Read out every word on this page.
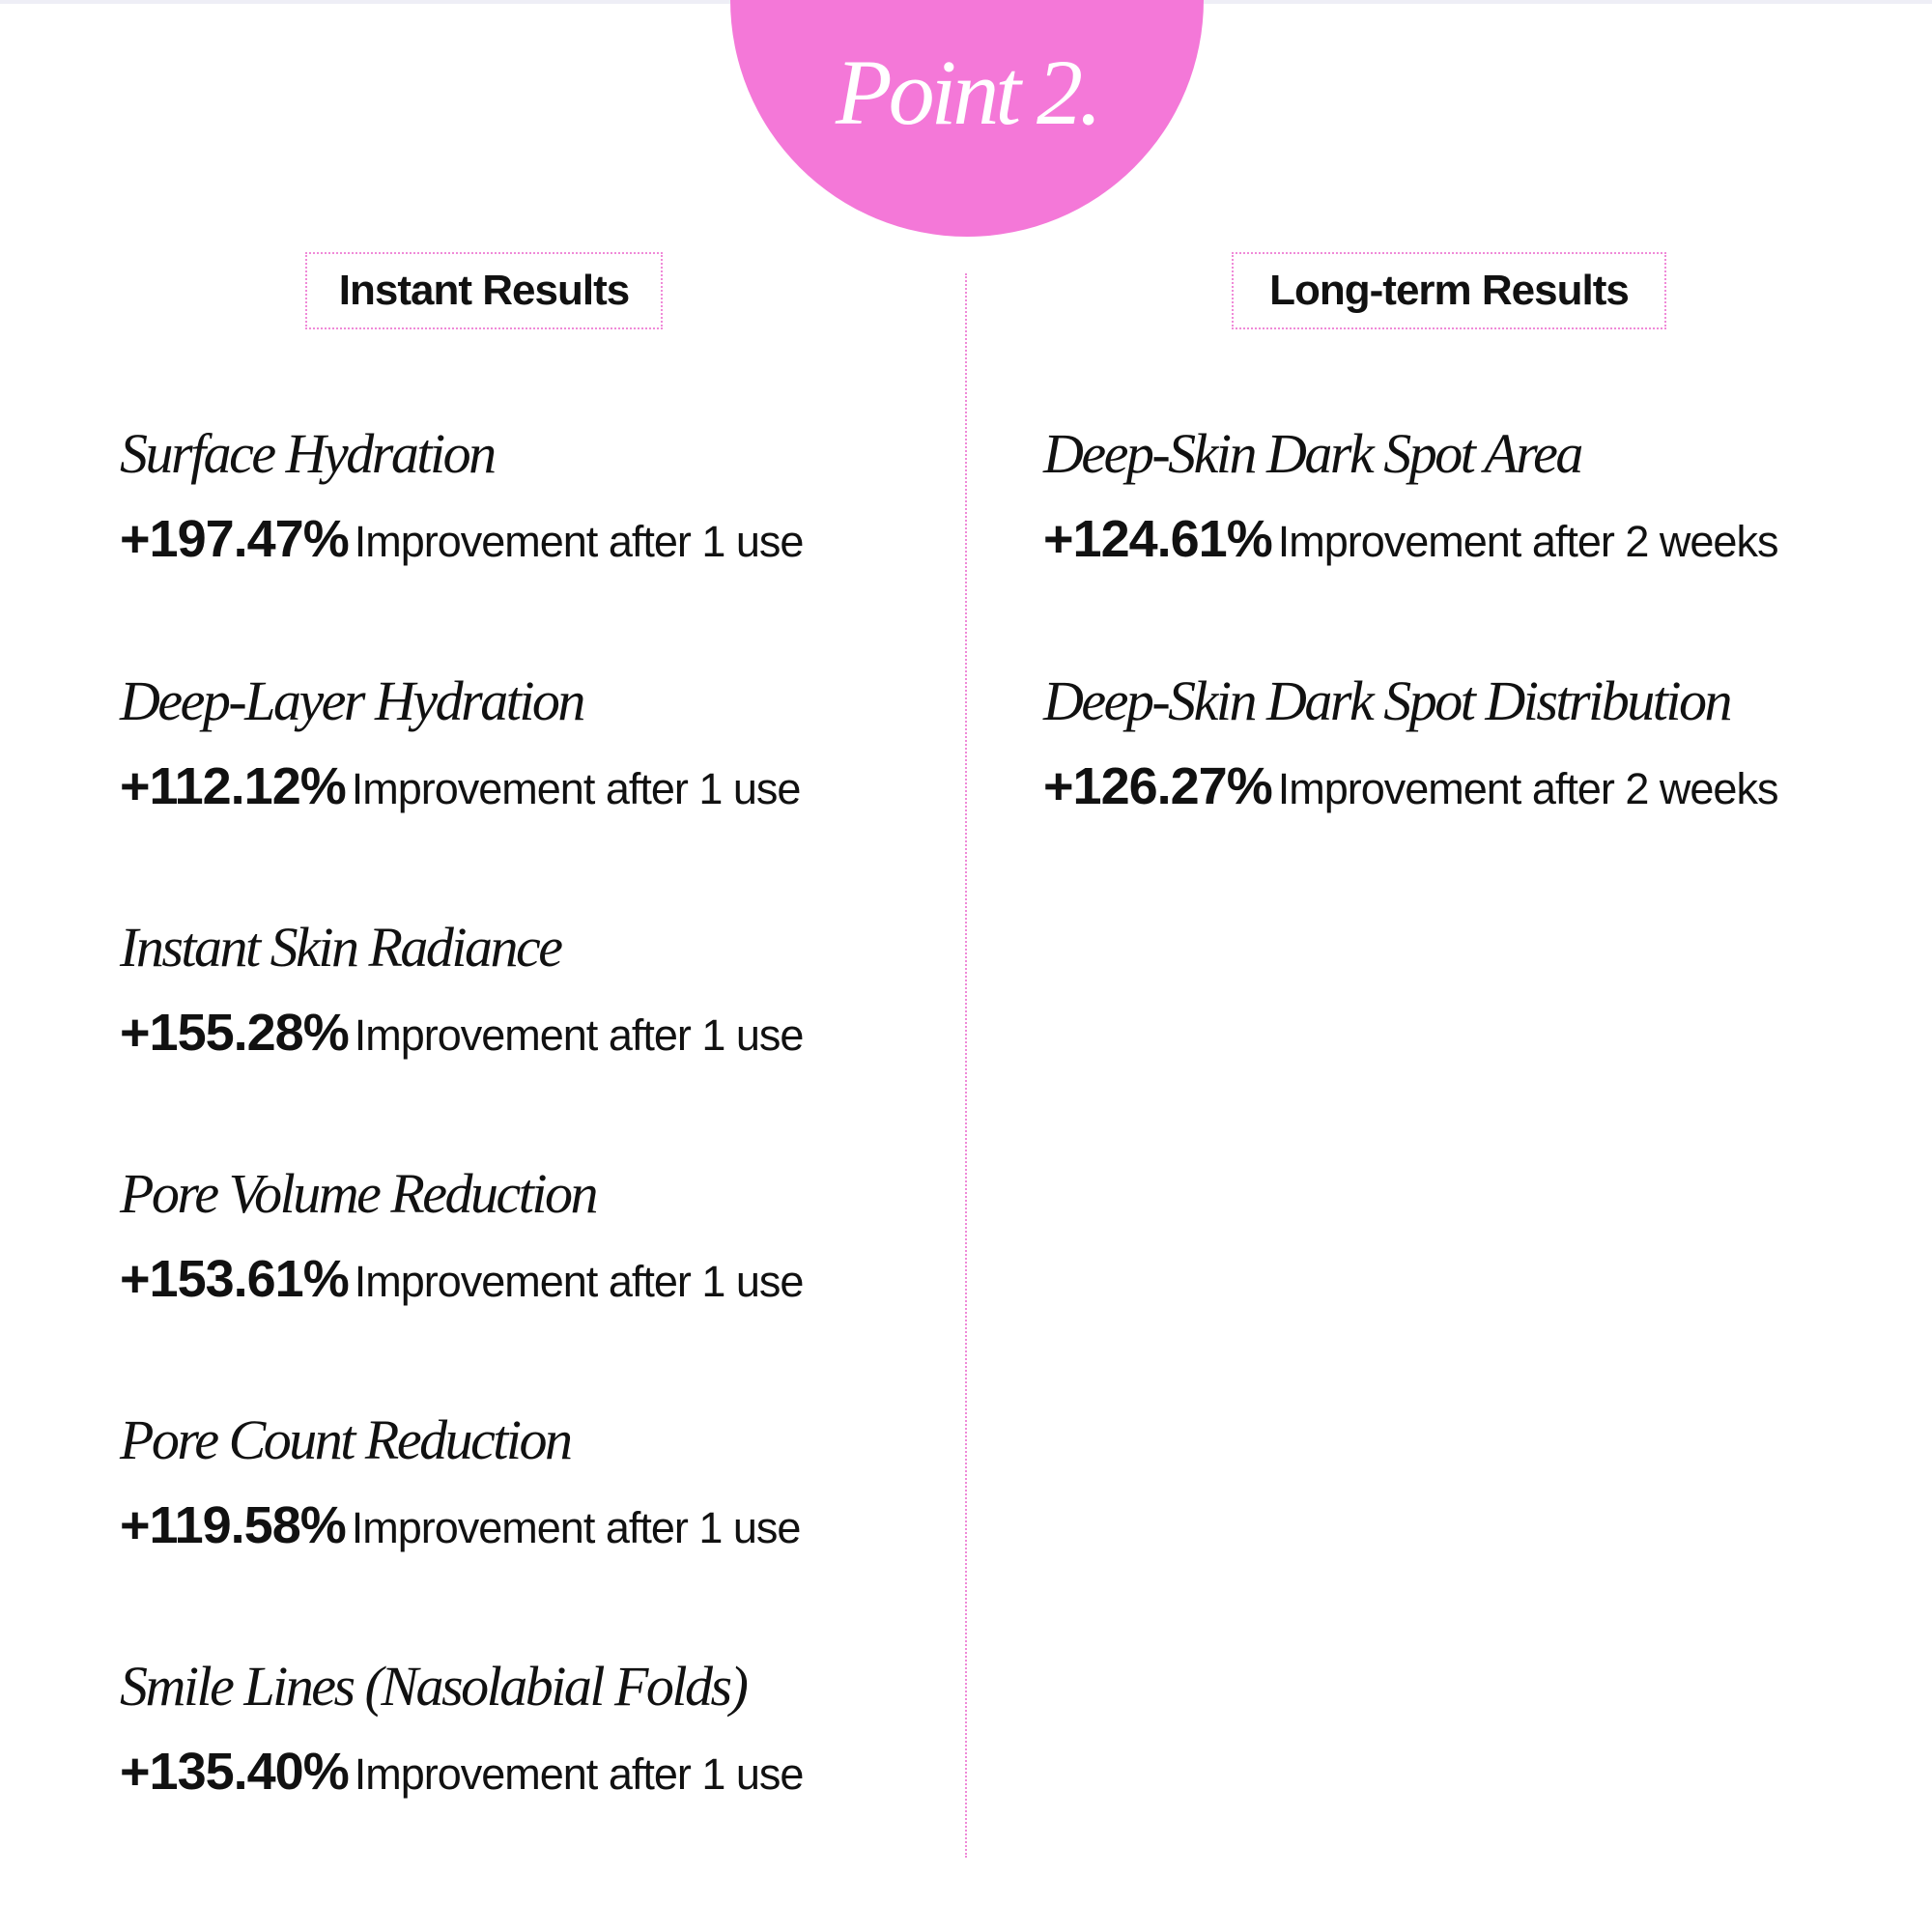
Point 2.
Instant Results	Long-term Results
Surface Hydration
+197.47% Improvement after 1 use
Deep-Layer Hydration
+112.12% Improvement after 1 use
Instant Skin Radiance
+155.28% Improvement after 1 use
Pore Volume Reduction
+153.61% Improvement after 1 use
Pore Count Reduction
+119.58% Improvement after 1 use
Smile Lines (Nasolabial Folds)
+135.40% Improvement after 1 use
Deep-Skin Dark Spot Area
+124.61% Improvement after 2 weeks
Deep-Skin Dark Spot Distribution
+126.27% Improvement after 2 weeks
